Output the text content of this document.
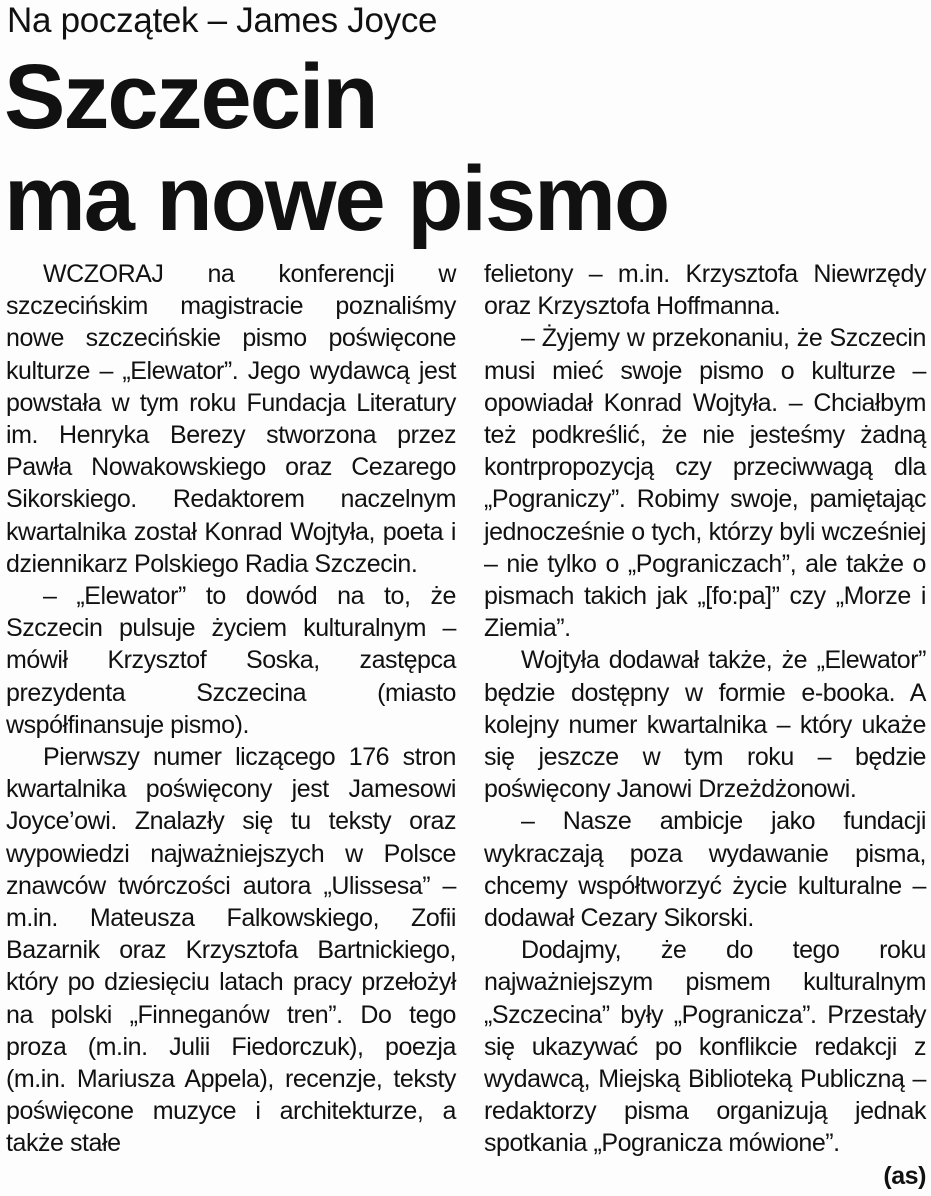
Na początek – James Joyce
Szczecin
ma nowe pismo

WCZORAJ na konferencji w szczecińskim magistracie poznaliśmy nowe szczecińskie pismo poświęcone kulturze – „Elewator”. Jego wydawcą jest powstała w tym roku Fundacja Literatury im. Henryka Berezy stworzona przez Pawła Nowakowskiego oraz Cezarego Sikorskiego. Redaktorem naczelnym kwartalnika został Konrad Wojtyła, poeta i dziennikarz Polskiego Radia Szczecin.

– „Elewator” to dowód na to, że Szczecin pulsuje życiem kulturalnym – mówił Krzysztof Soska, zastępca prezydenta Szczecina (miasto współfinansuje pismo).

Pierwszy numer liczącego 176 stron kwartalnika poświęcony jest Jamesowi Joyce’owi. Znalazły się tu teksty oraz wypowiedzi najważniejszych w Polsce znawców twórczości autora „Ulissesa” – m.in. Mateusza Falkowskiego, Zofii Bazarnik oraz Krzysztofa Bartnickiego, który po dziesięciu latach pracy przełożył na polski „Finneganów tren”. Do tego proza (m.in. Julii Fiedorczuk), poezja (m.in. Mariusza Appela), recenzje, teksty poświęcone muzyce i architekturze, a także stałe

felietony – m.in. Krzysztofa Niewrzędy oraz Krzysztofa Hoffmanna.

– Żyjemy w przekonaniu, że Szczecin musi mieć swoje pismo o kulturze – opowiadał Konrad Wojtyła. – Chciałbym też podkreślić, że nie jesteśmy żadną kontrpropozycją czy przeciwwagą dla „Pograniczy”. Robimy swoje, pamiętając jednocześnie o tych, którzy byli wcześniej – nie tylko o „Pograniczach”, ale także o pismach takich jak „[fo:pa]” czy „Morze i Ziemia”.

Wojtyła dodawał także, że „Elewator” będzie dostępny w formie e-booka. A kolejny numer kwartalnika – który ukaże się jeszcze w tym roku – będzie poświęcony Janowi Drzeżdżonowi.

– Nasze ambicje jako fundacji wykraczają poza wydawanie pisma, chcemy współtworzyć życie kulturalne – dodawał Cezary Sikorski.

Dodajmy, że do tego roku najważniejszym pismem kulturalnym „Szczecina” były „Pogranicza”. Przestały się ukazywać po konflikcie redakcji z wydawcą, Miejską Biblioteką Publiczną – redaktorzy pisma organizują jednak spotkania „Pogranicza mówione”.
(as)
